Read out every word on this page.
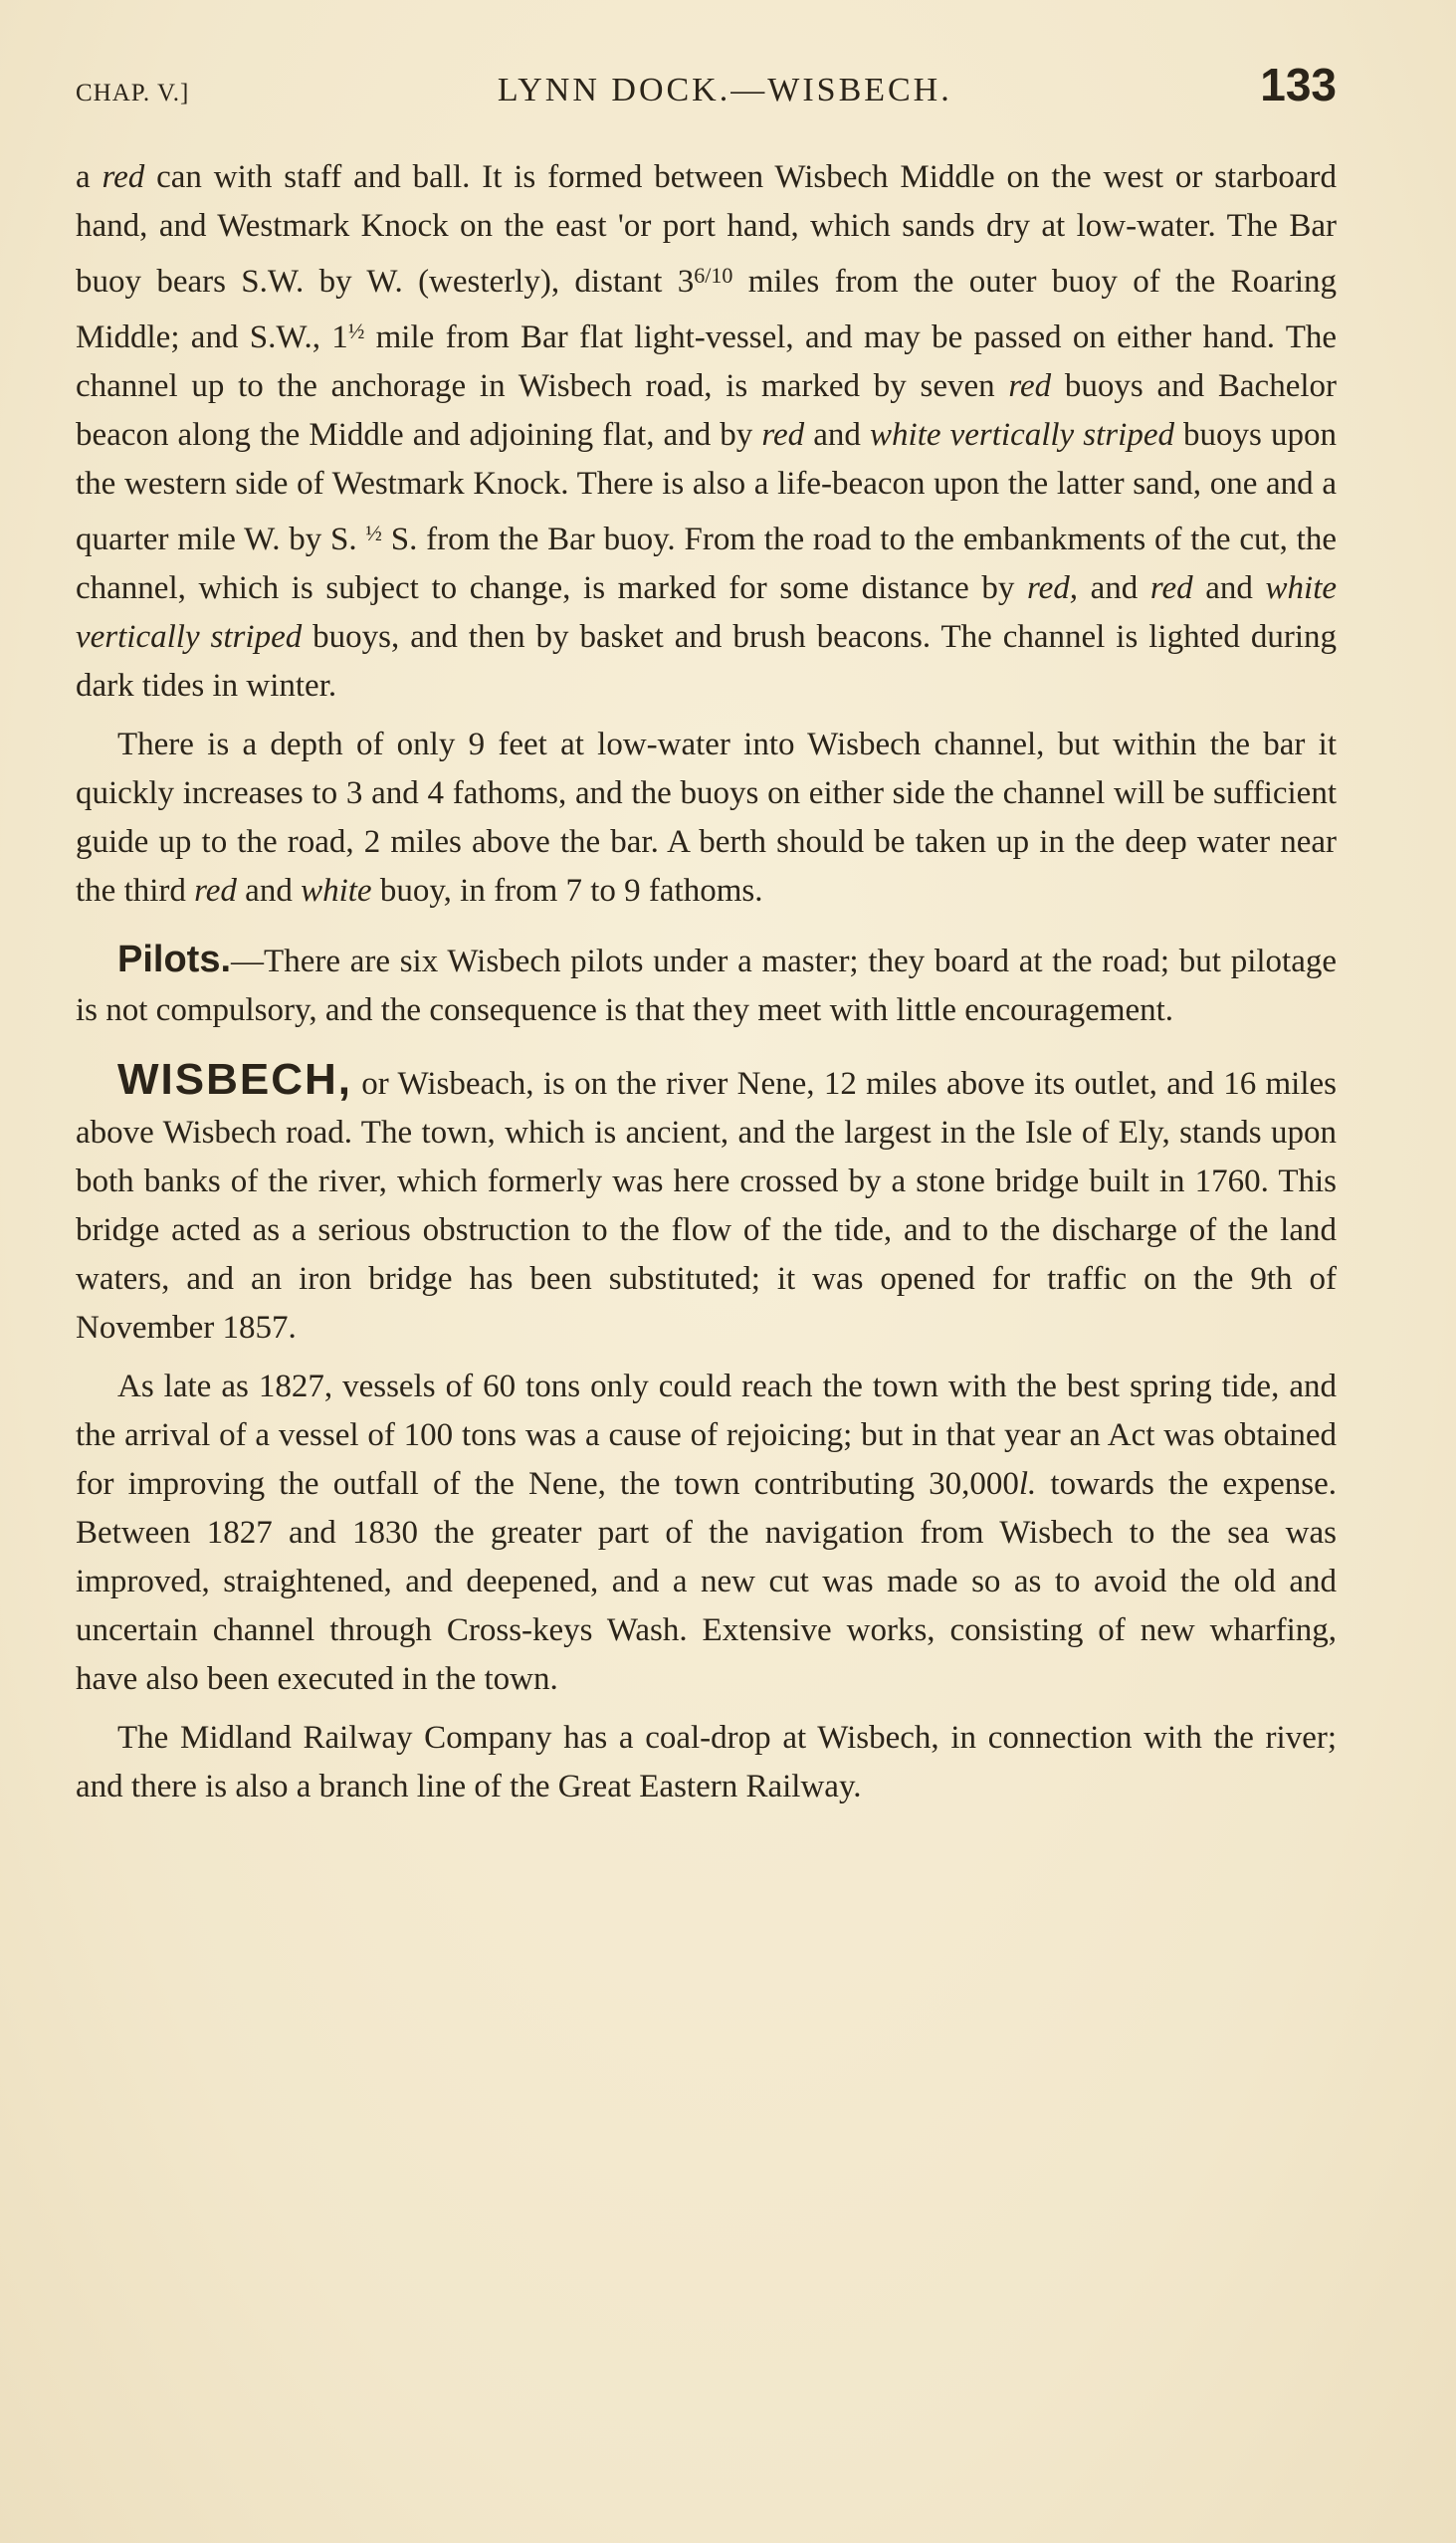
CHAP. V.]	LYNN DOCK.—WISBECH.	133

a red can with staff and ball. It is formed between Wisbech Middle on the west or starboard hand, and Westmark Knock on the east 'or port hand, which sands dry at low-water. The Bar buoy bears S.W. by W. (westerly), distant $3^{6/10}$ miles from the outer buoy of the Roaring Middle; and S.W., $1^{\frac{1}{2}}$ mile from Bar flat light-vessel, and may be passed on either hand. The channel up to the anchorage in Wisbech road, is marked by seven red buoys and Bachelor beacon along the Middle and adjoining flat, and by red and white vertically striped buoys upon the western side of Westmark Knock. There is also a life-beacon upon the latter sand, one and a quarter mile W. by S. $^{\frac{1}{2}}$ S. from the Bar buoy. From the road to the embankments of the cut, the channel, which is subject to change, is marked for some distance by red, and red and white vertically striped buoys, and then by basket and brush beacons. The channel is lighted during dark tides in winter.

There is a depth of only 9 feet at low-water into Wisbech channel, but within the bar it quickly increases to 3 and 4 fathoms, and the buoys on either side the channel will be sufficient guide up to the road, 2 miles above the bar. A berth should be taken up in the deep water near the third red and white buoy, in from 7 to 9 fathoms.

Pilots.—There are six Wisbech pilots under a master; they board at the road; but pilotage is not compulsory, and the consequence is that they meet with little encouragement.

WISBECH, or Wisbeach, is on the river Nene, 12 miles above its outlet, and 16 miles above Wisbech road. The town, which is ancient, and the largest in the Isle of Ely, stands upon both banks of the river, which formerly was here crossed by a stone bridge built in 1760. This bridge acted as a serious obstruction to the flow of the tide, and to the discharge of the land waters, and an iron bridge has been substituted; it was opened for traffic on the 9th of November 1857.

As late as 1827, vessels of 60 tons only could reach the town with the best spring tide, and the arrival of a vessel of 100 tons was a cause of rejoicing; but in that year an Act was obtained for improving the outfall of the Nene, the town contributing 30,000l. towards the expense. Between 1827 and 1830 the greater part of the navigation from Wisbech to the sea was improved, straightened, and deepened, and a new cut was made so as to avoid the old and uncertain channel through Cross-keys Wash. Extensive works, consisting of new wharfing, have also been executed in the town.

The Midland Railway Company has a coal-drop at Wisbech, in connection with the river; and there is also a branch line of the Great Eastern Railway.
